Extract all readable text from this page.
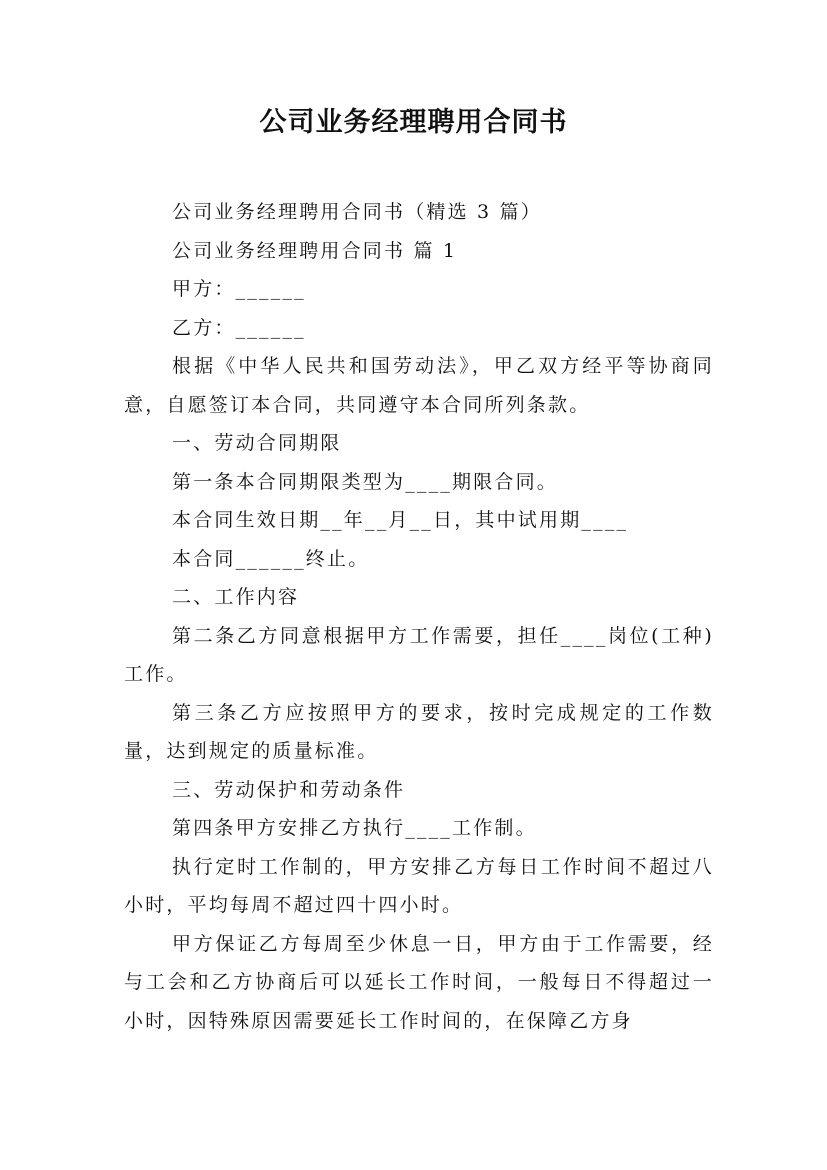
公司业务经理聘用合同书

公司业务经理聘用合同书（精选 3 篇）

公司业务经理聘用合同书 篇 1

甲方：______

乙方：______

根据《中华人民共和国劳动法》，甲乙双方经平等协商同意，自愿签订本合同，共同遵守本合同所列条款。

一、劳动合同期限

第一条本合同期限类型为____期限合同。

本合同生效日期__年__月__日，其中试用期____

本合同______终止。

二、工作内容

第二条乙方同意根据甲方工作需要，担任____岗位(工种)工作。

第三条乙方应按照甲方的要求，按时完成规定的工作数量，达到规定的质量标准。

三、劳动保护和劳动条件

第四条甲方安排乙方执行____工作制。

执行定时工作制的，甲方安排乙方每日工作时间不超过八小时，平均每周不超过四十四小时。

甲方保证乙方每周至少休息一日，甲方由于工作需要，经与工会和乙方协商后可以延长工作时间，一般每日不得超过一小时，因特殊原因需要延长工作时间的，在保障乙方身
